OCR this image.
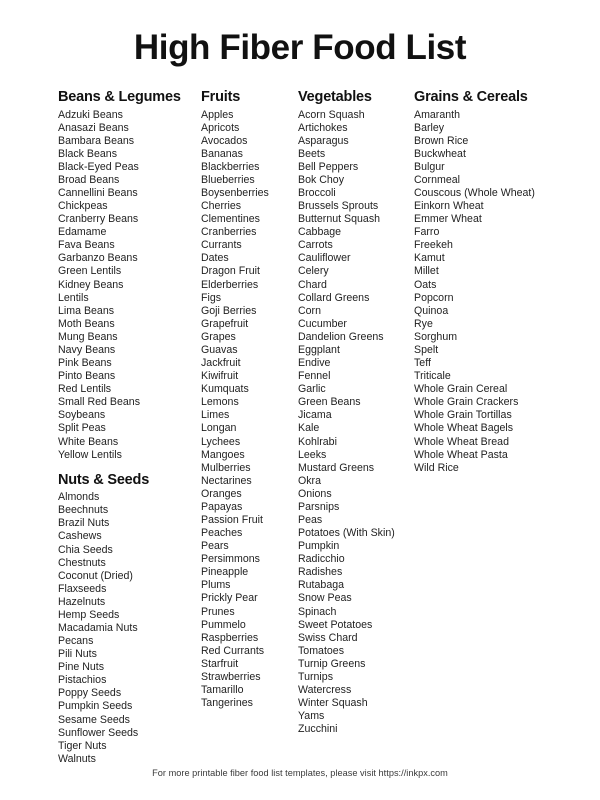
High Fiber Food List
Beans & Legumes
Adzuki Beans
Anasazi Beans
Bambara Beans
Black Beans
Black-Eyed Peas
Broad Beans
Cannellini Beans
Chickpeas
Cranberry Beans
Edamame
Fava Beans
Garbanzo Beans
Green Lentils
Kidney Beans
Lentils
Lima Beans
Moth Beans
Mung Beans
Navy Beans
Pink Beans
Pinto Beans
Red Lentils
Small Red Beans
Soybeans
Split Peas
White Beans
Yellow Lentils
Nuts & Seeds
Almonds
Beechnuts
Brazil Nuts
Cashews
Chia Seeds
Chestnuts
Coconut (Dried)
Flaxseeds
Hazelnuts
Hemp Seeds
Macadamia Nuts
Pecans
Pili Nuts
Pine Nuts
Pistachios
Poppy Seeds
Pumpkin Seeds
Sesame Seeds
Sunflower Seeds
Tiger Nuts
Walnuts
Fruits
Apples
Apricots
Avocados
Bananas
Blackberries
Blueberries
Boysenberries
Cherries
Clementines
Cranberries
Currants
Dates
Dragon Fruit
Elderberries
Figs
Goji Berries
Grapefruit
Grapes
Guavas
Jackfruit
Kiwifruit
Kumquats
Lemons
Limes
Longan
Lychees
Mangoes
Mulberries
Nectarines
Oranges
Papayas
Passion Fruit
Peaches
Pears
Persimmons
Pineapple
Plums
Prickly Pear
Prunes
Pummelo
Raspberries
Red Currants
Starfruit
Strawberries
Tamarillo
Tangerines
Vegetables
Acorn Squash
Artichokes
Asparagus
Beets
Bell Peppers
Bok Choy
Broccoli
Brussels Sprouts
Butternut Squash
Cabbage
Carrots
Cauliflower
Celery
Chard
Collard Greens
Corn
Cucumber
Dandelion Greens
Eggplant
Endive
Fennel
Garlic
Green Beans
Jicama
Kale
Kohlrabi
Leeks
Mustard Greens
Okra
Onions
Parsnips
Peas
Potatoes (With Skin)
Pumpkin
Radicchio
Radishes
Rutabaga
Snow Peas
Spinach
Sweet Potatoes
Swiss Chard
Tomatoes
Turnip Greens
Turnips
Watercress
Winter Squash
Yams
Zucchini
Grains & Cereals
Amaranth
Barley
Brown Rice
Buckwheat
Bulgur
Cornmeal
Couscous (Whole Wheat)
Einkorn Wheat
Emmer Wheat
Farro
Freekeh
Kamut
Millet
Oats
Popcorn
Quinoa
Rye
Sorghum
Spelt
Teff
Triticale
Whole Grain Cereal
Whole Grain Crackers
Whole Grain Tortillas
Whole Wheat Bagels
Whole Wheat Bread
Whole Wheat Pasta
Wild Rice
For more printable fiber food list templates, please visit https://inkpx.com
